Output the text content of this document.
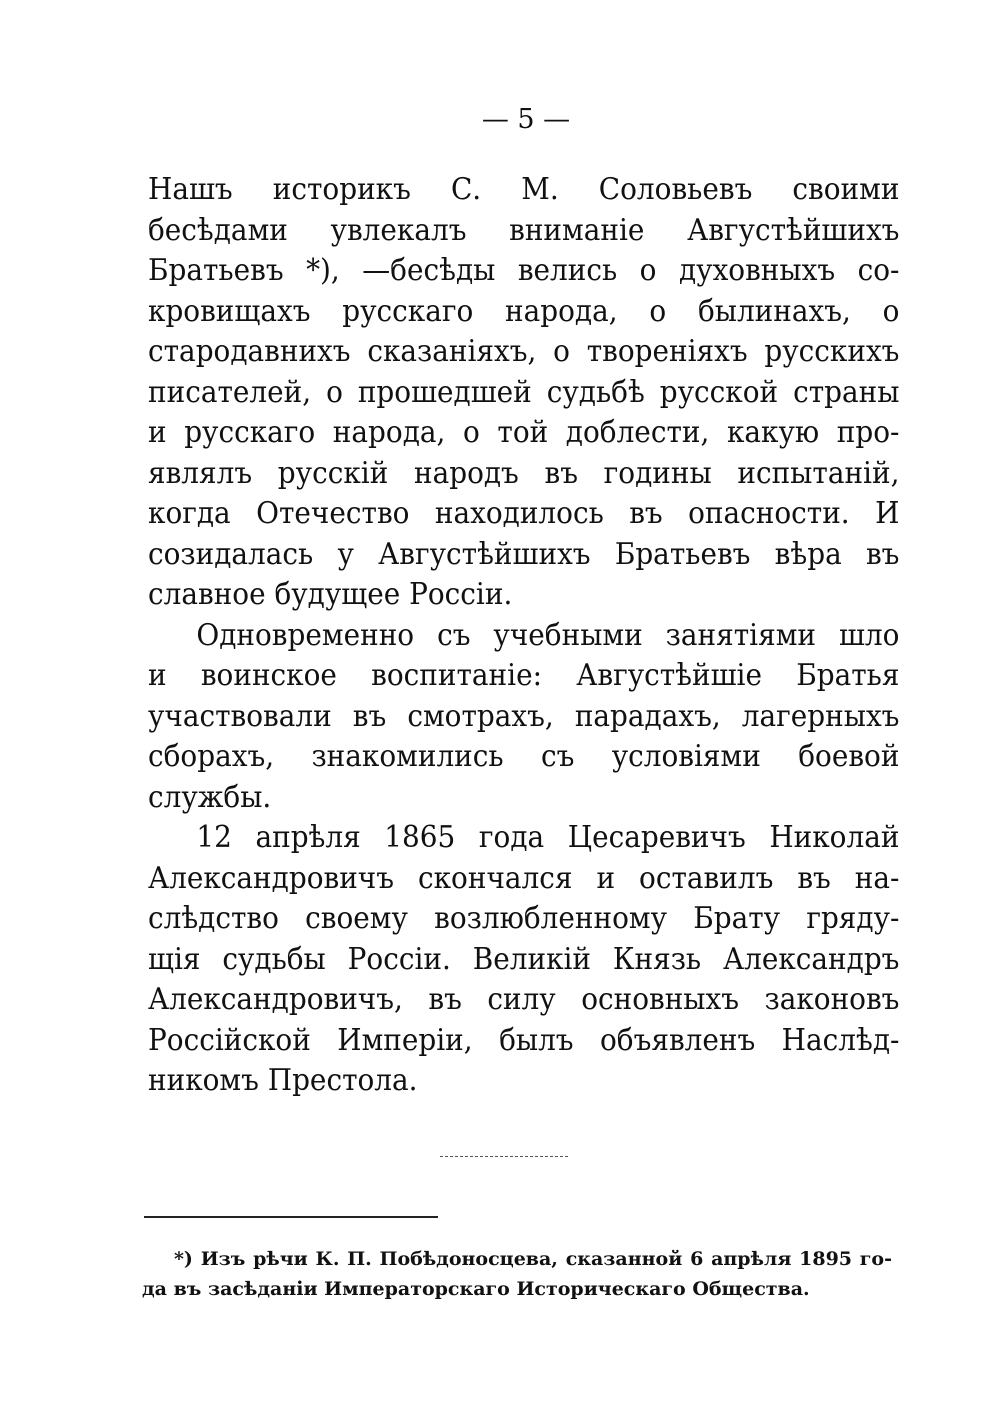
— 5 —
Нашъ историкъ С. М. Соловьевъ своими
бесѣдами увлекалъ вниманіе Августѣйшихъ
Братьевъ *), —бесѣды велись о духовныхъ со-
кровищахъ русскаго народа, о былинахъ, о
стародавнихъ сказаніяхъ, о твореніяхъ русскихъ
писателей, о прошедшей судьбѣ русской страны
и русскаго народа, о той доблести, какую про-
являлъ русскій народъ въ годины испытаній,
когда Отечество находилось въ опасности. И
созидалась у Августѣйшихъ Братьевъ вѣра въ
славное будущее Россіи.
Одновременно съ учебными занятіями шло
и воинское воспитаніе: Августѣйшіе Братья
участвовали въ смотрахъ, парадахъ, лагерныхъ
сборахъ, знакомились съ условіями боевой
службы.
12 апрѣля 1865 года Цесаревичъ Николай
Александровичъ скончался и оставилъ въ на-
слѣдство своему возлюбленному Брату гряду-
щія судьбы Россіи. Великій Князь Александръ
Александровичъ, въ силу основныхъ законовъ
Россійской Имперіи, былъ объявленъ Наслѣд-
никомъ Престола.
*) Изъ рѣчи К. П. Побѣдоносцева, сказанной 6 апрѣля 1895 го-
да въ засѣданіи Императорскаго Историческаго Общества.
